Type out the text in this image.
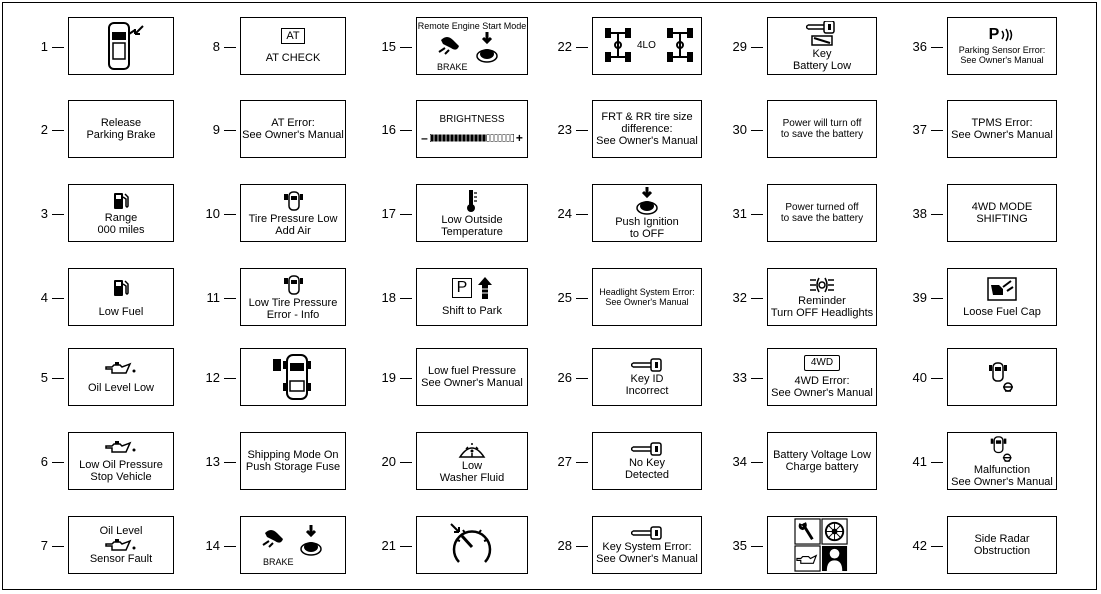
1
2	Release
Parking Brake
3	Range
000 miles
4
Low Fuel
5
Oil Level Low
6	Low Oil Pressure
Stop Vehicle
7
Oil Level
Sensor Fault
8
AT
AT CHECK
9	AT Error:
See Owner's Manual
10	Tire Pressure Low
Add Air
11	Low Tire Pressure
Error - Info
12
13 Shipping Mode On
Push Storage Fuse
14
BRAKE
15
Remote Engine Start Mode
BRAKE
16
BRIGHTNESS
–	+
17	Low Outside
Temperature
18
P
Shift to Park
19	Low fuel Pressure
See Owner's Manual
20	Low
Washer Fluid
21
22	4LO
23
FRT & RR tire size
difference:
See Owner's Manual
24
Push Ignition
to OFF
25	Headlight System Error:
See Owner's Manual
26	Key ID
Incorrect
27	No Key
Detected
28	Key System Error:
See Owner's Manual
29	Key
Battery Low
30	Power will turn off
to save the battery
31	Power turned off
to save the battery
32	Reminder
Turn OFF Headlights
33
4WD
4WD Error:
See Owner's Manual
34 Battery Voltage Low
Charge battery
35
36
P
Parking Sensor Error:
See Owner's Manual
37	TPMS Error:
See Owner's Manual
38	4WD MODE
SHIFTING
39
Loose Fuel Cap
40
41
Malfunction
See Owner's Manual
42	Side Radar
Obstruction
